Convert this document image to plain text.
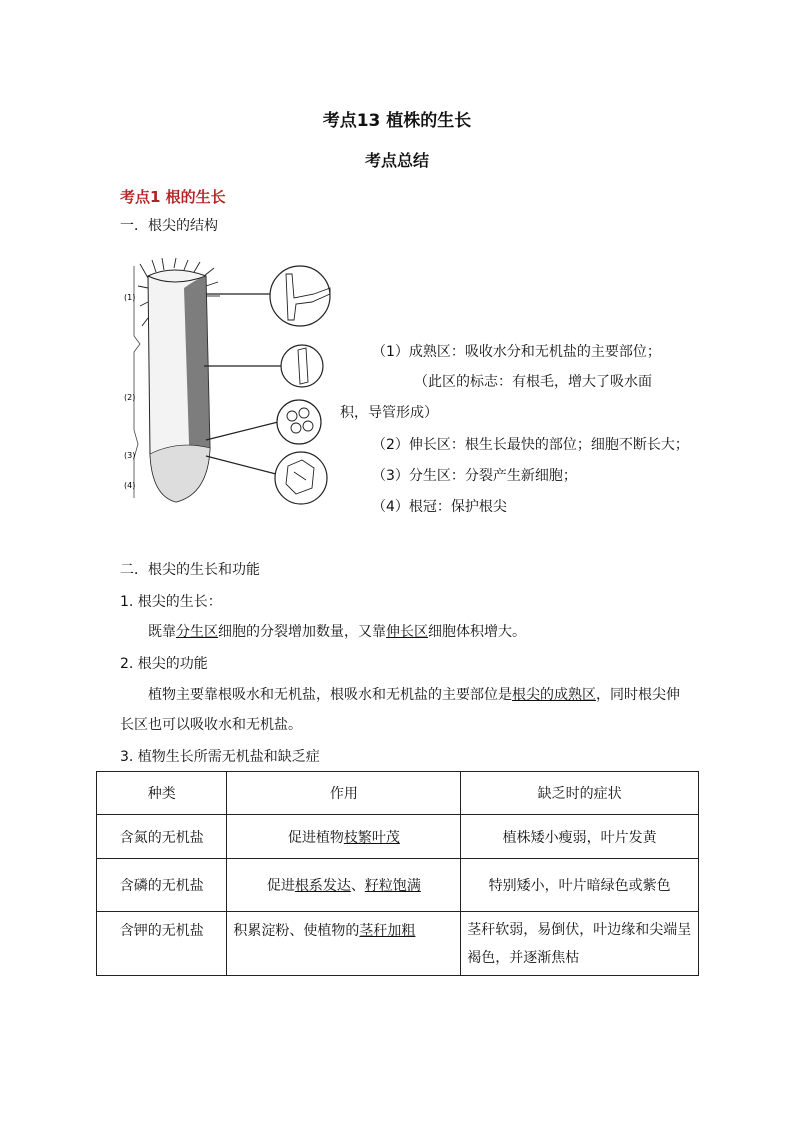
考点13 植株的生长
考点总结
考点1 根的生长
一．根尖的结构
(1)
(2)
(3)
(4)
（1）成熟区：吸收水分和无机盐的主要部位；
（此区的标志：有根毛，增大了吸水面
积，导管形成）
（2）伸长区：根生长最快的部位；细胞不断长大；
（3）分生区：分裂产生新细胞；
（4）根冠：保护根尖
二．根尖的生长和功能
1. 根尖的生长：
既靠分生区细胞的分裂增加数量，又靠伸长区细胞体积增大。
2. 根尖的功能
植物主要靠根吸水和无机盐，根吸水和无机盐的主要部位是根尖的成熟区，同时根尖伸
长区也可以吸收水和无机盐。
3. 植物生长所需无机盐和缺乏症
种类	作用	缺乏时的症状
含氮的无机盐	促进植物枝繁叶茂	植株矮小瘦弱，叶片发黄
含磷的无机盐	促进根系发达、籽粒饱满	特别矮小，叶片暗绿色或紫色
含钾的无机盐	积累淀粉、使植物的茎秆加粗	茎秆软弱，易倒伏，叶边缘和尖端呈
褐色，并逐渐焦枯
